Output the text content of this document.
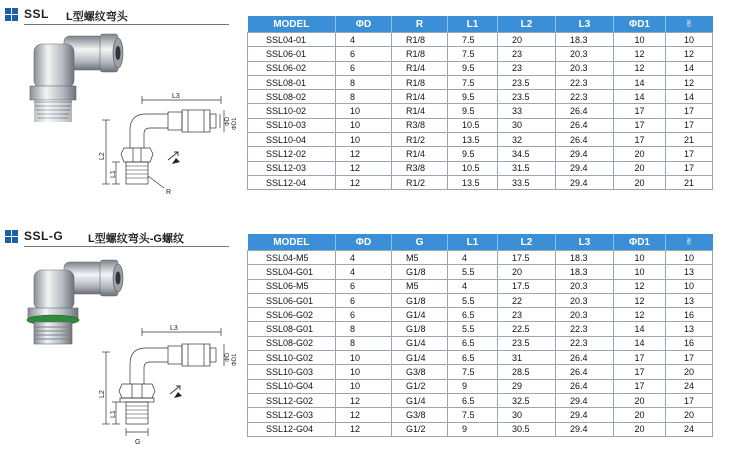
SSL L型螺纹弯头
SSL-G L型螺纹弯头-G螺纹
L3
ΦD ΦD1
L2
L1
R
L3
ΦD ΦD1
L2
L1
G
MODEL	ΦD	R	L1	L2	L3	ΦD1	✌
SSL04-01	4	R1/8	7.5	20	18.3	10	10
SSL06-01	6	R1/8	7.5	23	20.3	12	12
SSL06-02	6	R1/4	9.5	23	20.3	12	14
SSL08-01	8	R1/8	7.5	23.5	22.3	14	12
SSL08-02	8	R1/4	9.5	23.5	22.3	14	14
SSL10-02	10	R1/4	9.5	33	26.4	17	17
SSL10-03	10	R3/8	10.5	30	26.4	17	17
SSL10-04	10	R1/2	13.5	32	26.4	17	21
SSL12-02	12	R1/4	9.5	34.5	29.4	20	17
SSL12-03	12	R3/8	10.5	31.5	29.4	20	17
SSL12-04	12	R1/2	13.5	33.5	29.4	20	21
MODEL	ΦD	G	L1	L2	L3	ΦD1	✌
SSL04-M5	4	M5	4	17.5	18.3	10	10
SSL04-G01	4	G1/8	5.5	20	18.3	10	13
SSL06-M5	6	M5	4	17.5	20.3	12	10
SSL06-G01	6	G1/8	5.5	22	20.3	12	13
SSL06-G02	6	G1/4	6.5	23	20.3	12	16
SSL08-G01	8	G1/8	5.5	22.5	22.3	14	13
SSL08-G02	8	G1/4	6.5	23.5	22.3	14	16
SSL10-G02	10	G1/4	6.5	31	26.4	17	17
SSL10-G03	10	G3/8	7.5	28.5	26.4	17	20
SSL10-G04	10	G1/2	9	29	26.4	17	24
SSL12-G02	12	G1/4	6.5	32.5	29.4	20	17
SSL12-G03	12	G3/8	7.5	30	29.4	20	20
SSL12-G04	12	G1/2	9	30.5	29.4	20	24
